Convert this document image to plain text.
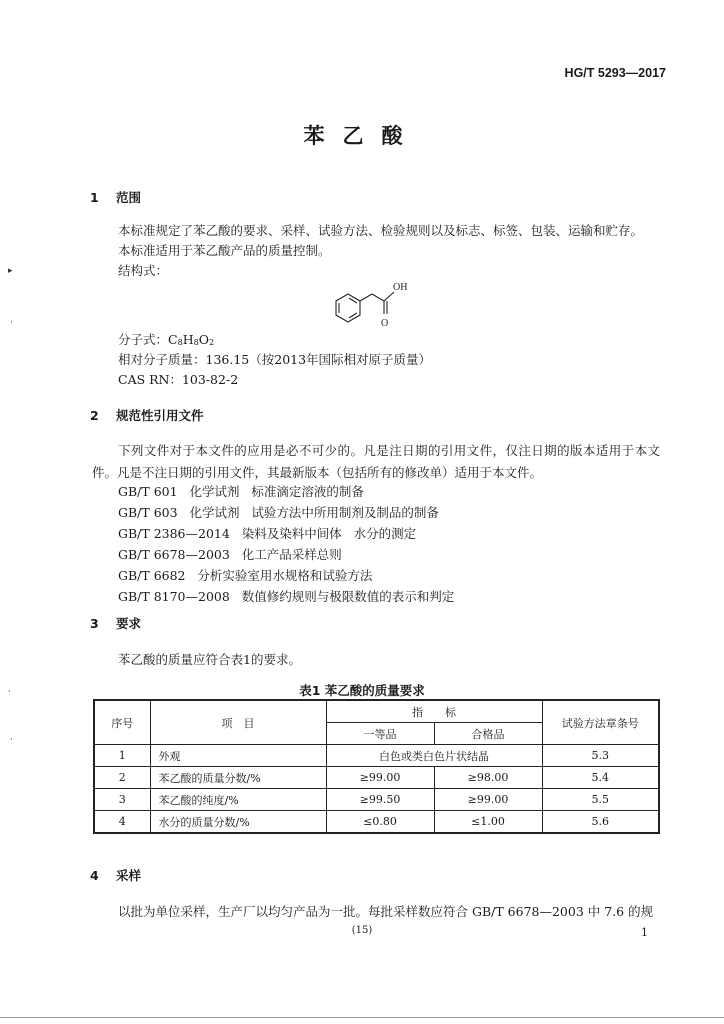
HG/T 5293—2017
苯乙酸
1 范围
本标准规定了苯乙酸的要求、采样、试验方法、检验规则以及标志、标签、包装、运输和贮存。
本标准适用于苯乙酸产品的质量控制。
结构式：
OH
O
分子式：$C_8H_8O_2$
相对分子质量：136.15（按2013年国际相对原子质量）
CAS RN：103-82-2
2 规范性引用文件
下列文件对于本文件的应用是必不可少的。凡是注日期的引用文件，仅注日期的版本适用于本文件。凡是不注日期的引用文件，其最新版本（包括所有的修改单）适用于本文件。
GB/T 601   化学试剂   标准滴定溶液的制备
GB/T 603   化学试剂   试验方法中所用制剂及制品的制备
GB/T 2386—2014   染料及染料中间体   水分的测定
GB/T 6678—2003   化工产品采样总则
GB/T 6682   分析实验室用水规格和试验方法
GB/T 8170—2008   数值修约规则与极限数值的表示和判定
3 要求
苯乙酸的质量应符合表1的要求。
表1 苯乙酸的质量要求
序号	项　目	指　　标		试验方法章条号
		一等品	合格品	
1	外观	白色或类白色片状结晶		5.3
2	苯乙酸的质量分数/%	≥99.00	≥98.00	5.4
3	苯乙酸的纯度/%	≥99.50	≥99.00	5.5
4	水分的质量分数/%	≤0.80	≤1.00	5.6
4 采样
以批为单位采样，生产厂以均匀产品为一批。每批采样数应符合 GB/T 6678—2003 中 7.6 的规
(15)	1
▸
·
·
·
